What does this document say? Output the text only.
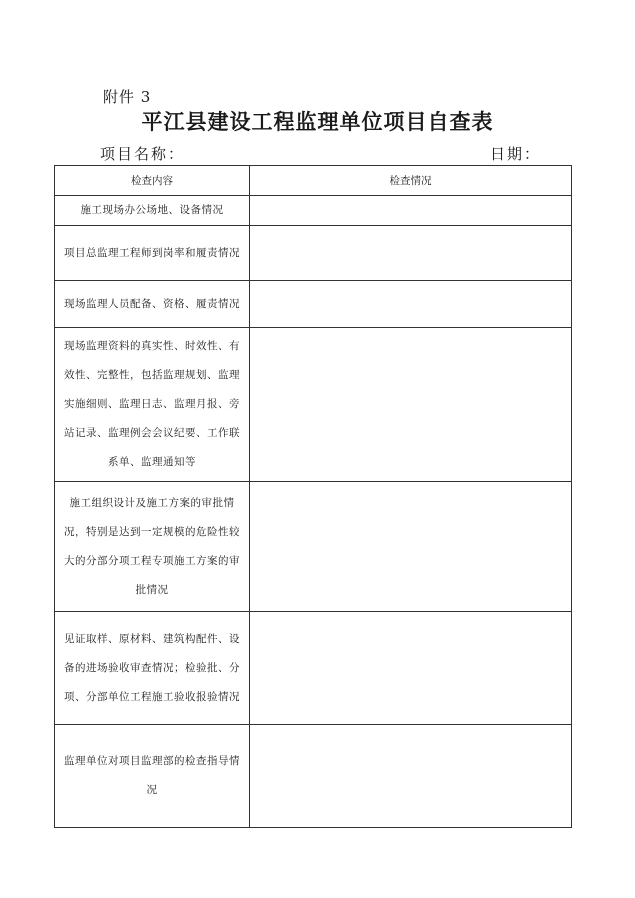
附件 3
平江县建设工程监理单位项目自查表
项目名称：	日期：
检查内容	检查情况
施工现场办公场地、设备情况	
项目总监理工程师到岗率和履责情况	
现场监理人员配备、资格、履责情况	
现场监理资料的真实性、时效性、有效性、完整性，包括监理规划、监理实施细则、监理日志、监理月报、旁站记录、监理例会会议纪要、工作联系单、监理通知等	
施工组织设计及施工方案的审批情况，特别是达到一定规模的危险性较大的分部分项工程专项施工方案的审批情况	
见证取样、原材料、建筑构配件、设备的进场验收审查情况；检验批、分项、分部单位工程施工验收报验情况	
监理单位对项目监理部的检查指导情况	
